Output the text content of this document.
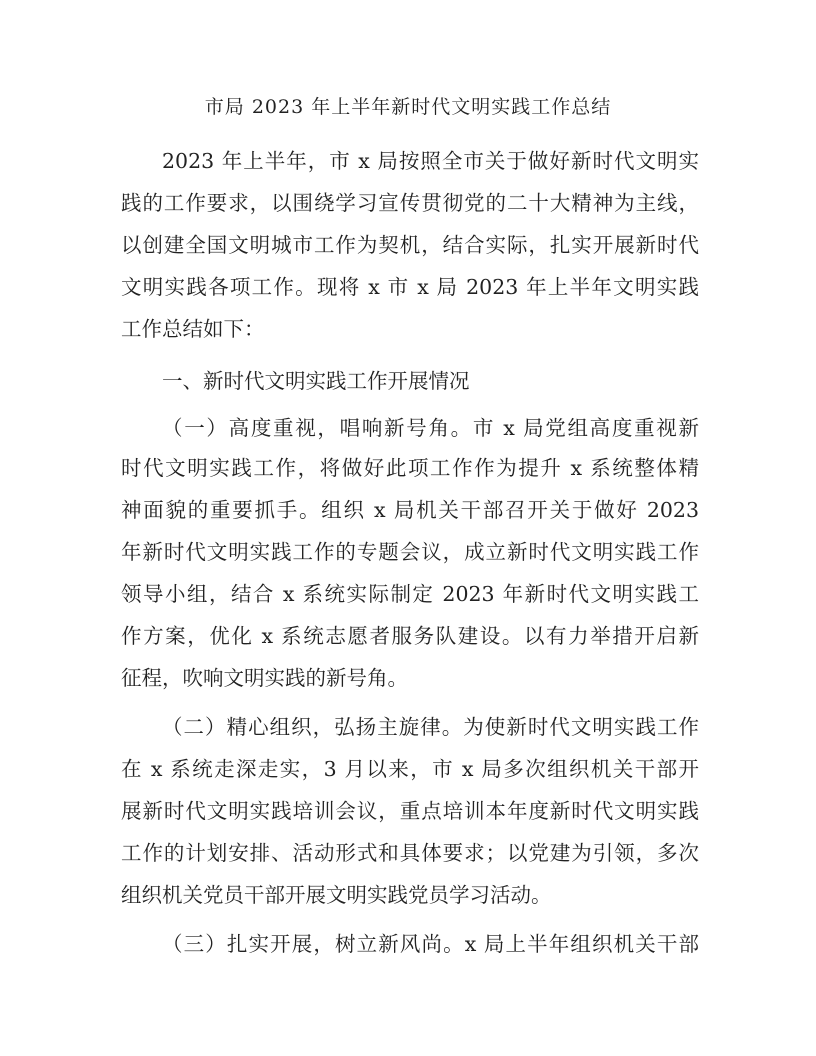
市局 2023 年上半年新时代文明实践工作总结

2023 年上半年，市 x 局按照全市关于做好新时代文明实

践的工作要求，以围绕学习宣传贯彻党的二十大精神为主线，

以创建全国文明城市工作为契机，结合实际，扎实开展新时代

文明实践各项工作。现将 x 市 x 局 2023 年上半年文明实践

工作总结如下：

一、新时代文明实践工作开展情况

（一）高度重视，唱响新号角。市 x 局党组高度重视新

时代文明实践工作，将做好此项工作作为提升 x 系统整体精

神面貌的重要抓手。组织 x 局机关干部召开关于做好 2023

年新时代文明实践工作的专题会议，成立新时代文明实践工作

领导小组，结合 x 系统实际制定 2023 年新时代文明实践工

作方案，优化 x 系统志愿者服务队建设。以有力举措开启新

征程，吹响文明实践的新号角。

（二）精心组织，弘扬主旋律。为使新时代文明实践工作

在 x 系统走深走实，3 月以来，市 x 局多次组织机关干部开

展新时代文明实践培训会议，重点培训本年度新时代文明实践

工作的计划安排、活动形式和具体要求；以党建为引领，多次

组织机关党员干部开展文明实践党员学习活动。

（三）扎实开展，树立新风尚。x 局上半年组织机关干部
